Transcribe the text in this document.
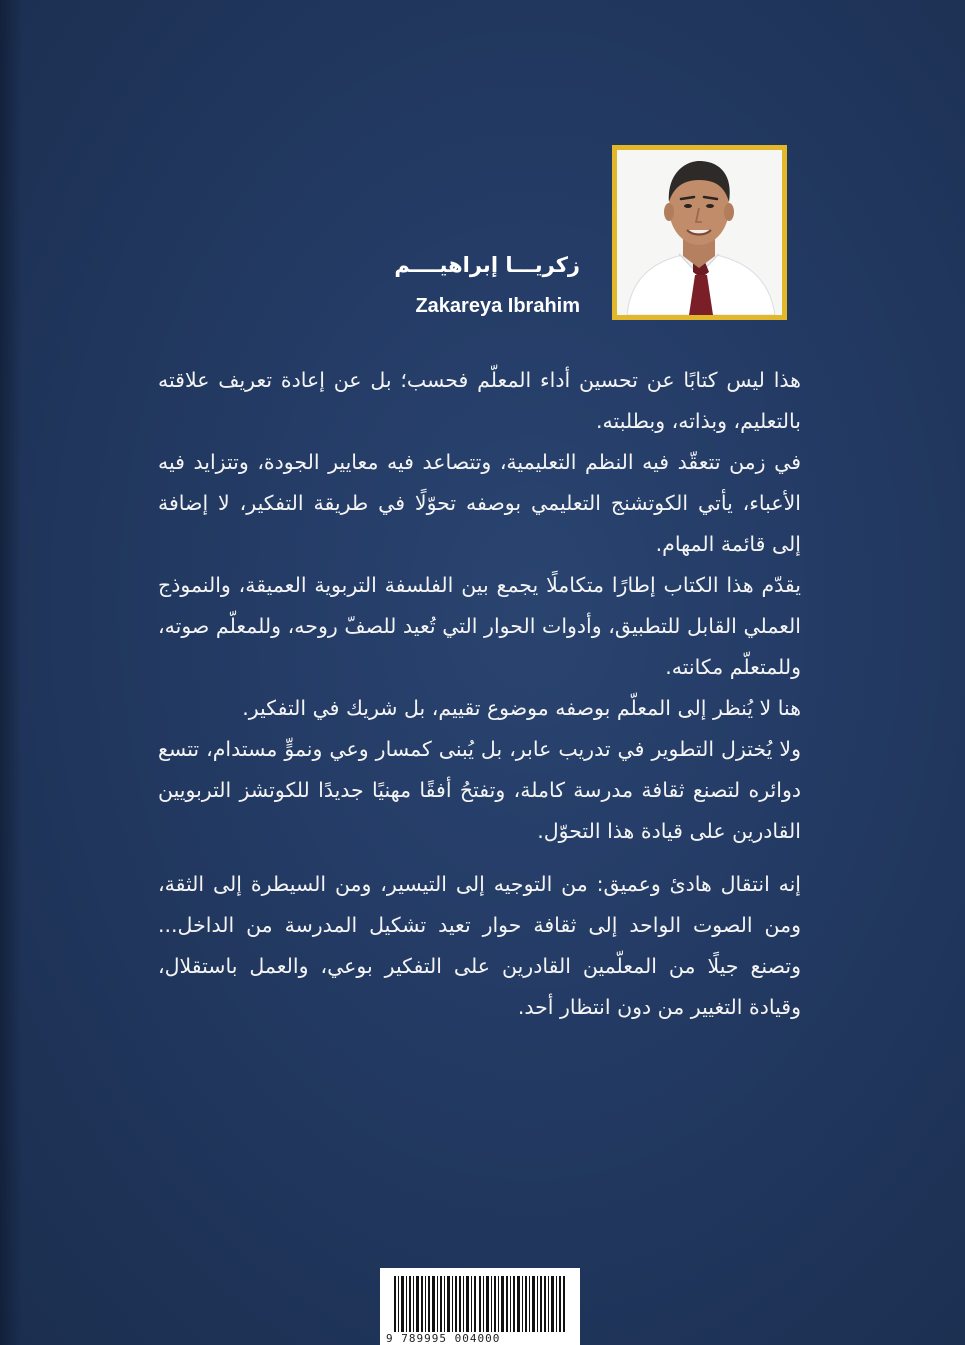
زكريـــا إبراهيــــم
Zakareya Ibrahim

هذا ليس كتابًا عن تحسين أداء المعلّم فحسب؛ بل عن إعادة تعريف علاقته بالتعليم، وبذاته، وبطلبته.

في زمن تتعقّد فيه النظم التعليمية، وتتصاعد فيه معايير الجودة، وتتزايد فيه الأعباء، يأتي الكوتشنج التعليمي بوصفه تحوّلًا في طريقة التفكير، لا إضافة إلى قائمة المهام.

يقدّم هذا الكتاب إطارًا متكاملًا يجمع بين الفلسفة التربوية العميقة، والنموذج العملي القابل للتطبيق، وأدوات الحوار التي تُعيد للصفّ روحه، وللمعلّم صوته، وللمتعلّم مكانته.

هنا لا يُنظر إلى المعلّم بوصفه موضوع تقييم، بل شريك في التفكير.

ولا يُختزل التطوير في تدريب عابر، بل يُبنى كمسار وعي ونموٍّ مستدام، تتسع دوائره لتصنع ثقافة مدرسة كاملة، وتفتحُ أفقًا مهنيًا جديدًا للكوتشز التربويين القادرين على قيادة هذا التحوّل.

إنه انتقال هادئ وعميق: من التوجيه إلى التيسير، ومن السيطرة إلى الثقة، ومن الصوت الواحد إلى ثقافة حوار تعيد تشكيل المدرسة من الداخل... وتصنع جيلًا من المعلّمين القادرين على التفكير بوعي، والعمل باستقلال، وقيادة التغيير من دون انتظار أحد.

9 789995 004000
